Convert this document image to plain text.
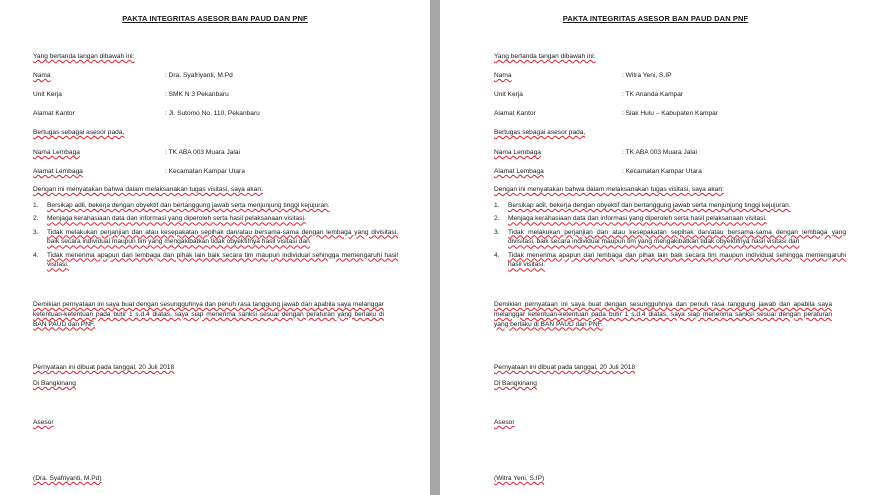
PAKTA INTEGRITAS ASESOR BAN PAUD DAN PNF
Yang bertanda tangan dibawah ini:
Nama	: Dra. Syafriyanti, M.Pd
Unit Kerja	: SMK N 3 Pekanbaru
Alamat Kantor	: Jl. Sutomo No. 110, Pekanbaru
Bertugas sebagai asesor pada,
Nama Lembaga	: TK ABA 003 Muara Jalai
Alamat Lembaga	: Kecamatan Kampar Utara
Dengan ini menyatakan bahwa dalam melaksanakan tugas visitasi, saya akan:
1. Bersikap adil, bekerja dengan obyektif dan bertanggung jawab serta menjunjung tinggi kejujuran.
2. Menjaga kerahasiaan data dan informasi yang diperoleh serta hasil pelaksanaan visitasi.
3. Tidak melakukan perjanjian dan atau kesepakatan sepihak dan/atau bersama-sama dengan lembaga yang divisitasi, baik secara individual maupun tim yang mengakibatkan tidak obyektifnya hasil visitasi dan
4. Tidak menerima apapun dari lembaga dan pihak lain baik secara tim maupun individual sehingga memengaruhi hasil visitasi.
Demikian pernyataan ini saya buat dengan sesungguhnya dan penuh rasa tanggung jawab dan apabila saya melanggar ketentuan-ketentuan pada butir 1 s.d.4 diatas, saya siap menerima sanksi sesuai dengan peraturan yang berlaku di BAN PAUD dan PNF.
Pernyataan ini dibuat pada tanggal, 20 Juli 2018
Di Bangkinang
Asesor
(Dra. Syafriyanti, M.Pd)
PAKTA INTEGRITAS ASESOR BAN PAUD DAN PNF
Yang bertanda tangan dibawah ini:
Nama	: Witra Yeni, S.IP
Unit Kerja	: TK Ananda Kampar
Alamat Kantor	: Siak Hulu – Kabupaten Kampar
Bertugas sebagai asesor pada,
Nama Lembaga	: TK ABA 003 Muara Jalai
Alamat Lembaga	: Kecamatan Kampar Utara
Dengan ini menyatakan bahwa dalam melaksanakan tugas visitasi, saya akan:
1. Bersikap adil, bekerja dengan obyektif dan bertanggung jawab serta menjunjung tinggi kejujuran.
2. Menjaga kerahasiaan data dan informasi yang diperoleh serta hasil pelaksanaan visitasi.
3. Tidak melakukan perjanjian dan atau kesepakatan sepihak dan/atau bersama-sama dengan lembaga yang divisitasi, baik secara individual maupun tim yang mengakibatkan tidak obyektifnya hasil visitasi dan
4. Tidak menerima apapun dari lembaga dan pihak lain baik secara tim maupun individual sehingga memengaruhi hasil visitasi.
Demikian pernyataan ini saya buat dengan sesungguhnya dan penuh rasa tanggung jawab dan apabila saya melanggar ketentuan-ketentuan pada butir 1 s.d.4 diatas, saya siap menerima sanksi sesuai dengan peraturan yang berlaku di BAN PAUD dan PNF.
Pernyataan ini dibuat pada tanggal, 20 Juli 2018
Di Bangkinang
Asesor
(Witra Yeni, S.IP)
